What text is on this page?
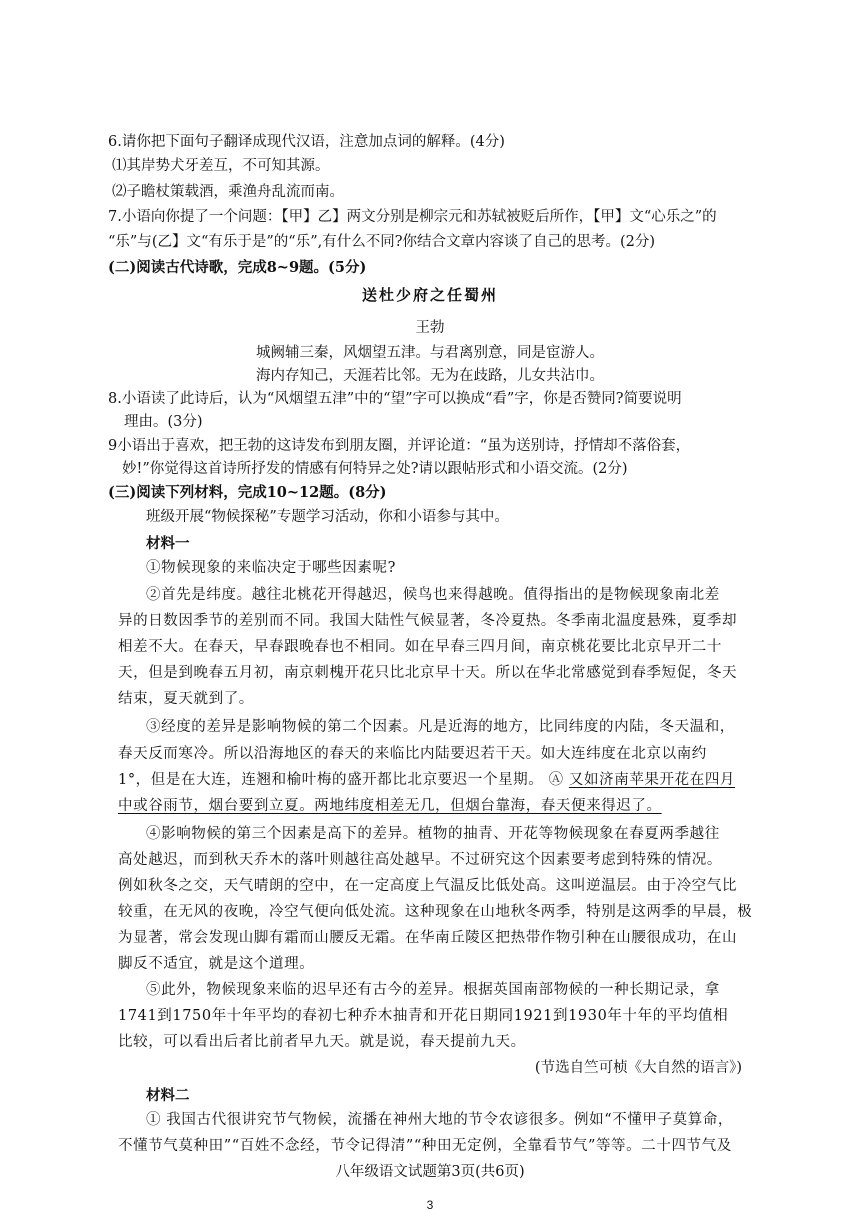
6.请你把下面句子翻译成现代汉语，注意加点词的解释。(4分)
⑴其岸势犬牙差互，不可知其源。
⑵子瞻杖策载酒，乘渔舟乱流而南。
7.小语向你提了一个问题：【甲】乙】两文分别是柳宗元和苏轼被贬后所作，【甲】文“心乐之”的
“乐”与(乙】文“有乐于是”的“乐”,有什么不同?你结合文章内容谈了自己的思考。(2分)
(二)阅读古代诗歌，完成8~9题。(5分)
送杜少府之任蜀州
王勃
城阙辅三秦，风烟望五津。与君离别意，同是宦游人。
海内存知己，天涯若比邻。无为在歧路，儿女共沾巾。
8.小语读了此诗后，认为“风烟望五津”中的“望”字可以换成“看”字，你是否赞同?简要说明
理由。(3分)
9小语出于喜欢，把王勃的这诗发布到朋友圈，并评论道：“虽为送别诗，抒情却不落俗套，
妙!”你觉得这首诗所抒发的情感有何特异之处?请以跟帖形式和小语交流。(2分)
(三)阅读下列材料，完成10~12题。(8分)
班级开展“物候探秘”专题学习活动，你和小语参与其中。
材料一
①物候现象的来临决定于哪些因素呢?
②首先是纬度。越往北桃花开得越迟，候鸟也来得越晚。值得指出的是物候现象南北差
异的日数因季节的差别而不同。我国大陆性气候显著，冬冷夏热。冬季南北温度悬殊，夏季却
相差不大。在春天，早春跟晚春也不相同。如在早春三四月间，南京桃花要比北京早开二十
天，但是到晚春五月初，南京刺槐开花只比北京早十天。所以在华北常感觉到春季短促，冬天
结束，夏天就到了。
③经度的差异是影响物候的第二个因素。凡是近海的地方，比同纬度的内陆，冬天温和，
春天反而寒冷。所以沿海地区的春天的来临比内陆要迟若干天。如大连纬度在北京以南约
1°，但是在大连，连翘和榆叶梅的盛开都比北京要迟一个星期。 Ⓐ 又如济南苹果开花在四月
中或谷雨节，烟台要到立夏。两地纬度相差无几，但烟台靠海，春天便来得迟了。
④影响物候的第三个因素是高下的差异。植物的抽青、开花等物候现象在春夏两季越往
高处越迟，而到秋天乔木的落叶则越往高处越早。不过研究这个因素要考虑到特殊的情况。
例如秋冬之交，天气晴朗的空中，在一定高度上气温反比低处高。这叫逆温层。由于冷空气比
较重，在无风的夜晚，冷空气便向低处流。这种现象在山地秋冬两季，特别是这两季的早晨，极
为显著，常会发现山脚有霜而山腰反无霜。在华南丘陵区把热带作物引种在山腰很成功，在山
脚反不适宜，就是这个道理。
⑤此外，物候现象来临的迟早还有古今的差异。根据英国南部物候的一种长期记录，拿
1741到1750年十年平均的春初七种乔木抽青和开花日期同1921到1930年十年的平均值相
比较，可以看出后者比前者早九天。就是说，春天提前九天。
(节选自竺可桢《大自然的语言》)
材料二
① 我国古代很讲究节气物候，流播在神州大地的节令农谚很多。例如“不懂甲子莫算命，
不懂节气莫种田”“百姓不念经，节令记得清”“种田无定例，全靠看节气”等等。二十四节气及
八年级语文试题第3页(共6页)
3
